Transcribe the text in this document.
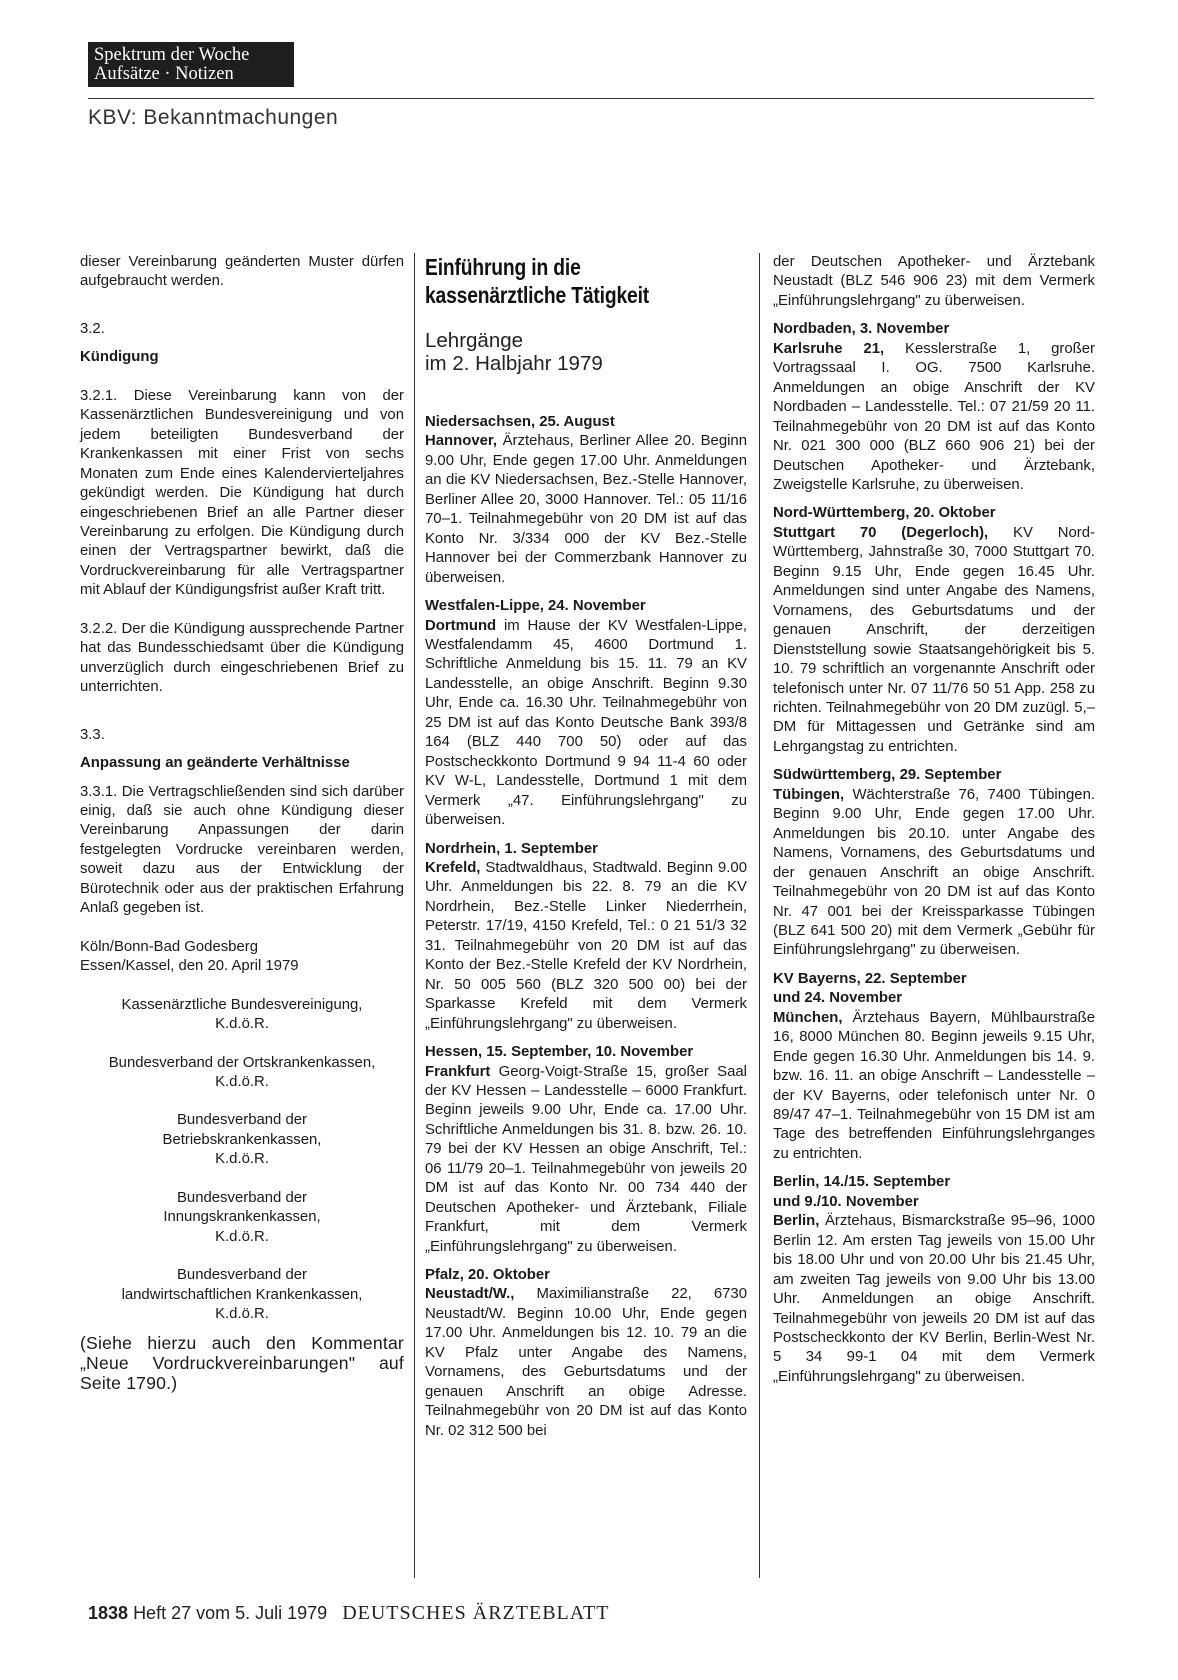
Spektrum der Woche
Aufsätze · Notizen
KBV: Bekanntmachungen

dieser Vereinbarung geänderten Muster dürfen aufgebraucht werden.

3.2.

Kündigung

3.2.1. Diese Vereinbarung kann von der Kassenärztlichen Bundesvereinigung und von jedem beteiligten Bundesverband der Krankenkassen mit einer Frist von sechs Monaten zum Ende eines Kalendervierteljahres gekündigt werden. Die Kündigung hat durch eingeschriebenen Brief an alle Partner dieser Vereinbarung zu erfolgen. Die Kündigung durch einen der Vertragspartner bewirkt, daß die Vordruckvereinbarung für alle Vertragspartner mit Ablauf der Kündigungsfrist außer Kraft tritt.

3.2.2. Der die Kündigung aussprechende Partner hat das Bundesschiedsamt über die Kündigung unverzüglich durch eingeschriebenen Brief zu unterrichten.

3.3.

Anpassung an geänderte Verhältnisse

3.3.1. Die Vertragschließenden sind sich darüber einig, daß sie auch ohne Kündigung dieser Vereinbarung Anpassungen der darin festgelegten Vordrucke vereinbaren werden, soweit dazu aus der Entwicklung der Bürotechnik oder aus der praktischen Erfahrung Anlaß gegeben ist.

Köln/Bonn-Bad Godesberg

Essen/Kassel, den 20. April 1979

Kassenärztliche Bundesvereinigung,

K.d.ö.R.

Bundesverband der Ortskrankenkassen,

K.d.ö.R.

Bundesverband der

Betriebskrankenkassen,

K.d.ö.R.

Bundesverband der

Innungskrankenkassen,

K.d.ö.R.

Bundesverband der

landwirtschaftlichen Krankenkassen,

K.d.ö.R.

(Siehe hierzu auch den Kommentar „Neue Vordruckvereinbarungen" auf Seite 1790.)

Einführung in die
kassenärztliche Tätigkeit
Lehrgänge
im 2. Halbjahr 1979

Niedersachsen, 25. August

Hannover, Ärztehaus, Berliner Allee 20. Beginn 9.00 Uhr, Ende gegen 17.00 Uhr. Anmeldungen an die KV Niedersachsen, Bez.-Stelle Hannover, Berliner Allee 20, 3000 Hannover. Tel.: 05 11/16 70–1. Teilnahmegebühr von 20 DM ist auf das Konto Nr. 3/334 000 der KV Bez.-Stelle Hannover bei der Commerzbank Hannover zu überweisen.

Westfalen-Lippe, 24. November

Dortmund im Hause der KV Westfalen-Lippe, Westfalendamm 45, 4600 Dortmund 1. Schriftliche Anmeldung bis 15. 11. 79 an KV Landesstelle, an obige Anschrift. Beginn 9.30 Uhr, Ende ca. 16.30 Uhr. Teilnahmegebühr von 25 DM ist auf das Konto Deutsche Bank 393/8 164 (BLZ 440 700 50) oder auf das Postscheckkonto Dortmund 9 94 11-4 60 oder KV W-L, Landesstelle, Dortmund 1 mit dem Vermerk „47. Einführungslehrgang" zu überweisen.

Nordrhein, 1. September

Krefeld, Stadtwaldhaus, Stadtwald. Beginn 9.00 Uhr. Anmeldungen bis 22. 8. 79 an die KV Nordrhein, Bez.-Stelle Linker Niederrhein, Peterstr. 17/19, 4150 Krefeld, Tel.: 0 21 51/3 32 31. Teilnahmegebühr von 20 DM ist auf das Konto der Bez.-Stelle Krefeld der KV Nordrhein, Nr. 50 005 560 (BLZ 320 500 00) bei der Sparkasse Krefeld mit dem Vermerk „Einführungslehrgang" zu überweisen.

Hessen, 15. September, 10. November

Frankfurt Georg-Voigt-Straße 15, großer Saal der KV Hessen – Landesstelle – 6000 Frankfurt. Beginn jeweils 9.00 Uhr, Ende ca. 17.00 Uhr. Schriftliche Anmeldungen bis 31. 8. bzw. 26. 10. 79 bei der KV Hessen an obige Anschrift, Tel.: 06 11/79 20–1. Teilnahmegebühr von jeweils 20 DM ist auf das Konto Nr. 00 734 440 der Deutschen Apotheker- und Ärztebank, Filiale Frankfurt, mit dem Vermerk „Einführungslehrgang" zu überweisen.

Pfalz, 20. Oktober

Neustadt/W., Maximilianstraße 22, 6730 Neustadt/W. Beginn 10.00 Uhr, Ende gegen 17.00 Uhr. Anmeldungen bis 12. 10. 79 an die KV Pfalz unter Angabe des Namens, Vornamens, des Geburtsdatums und der genauen Anschrift an obige Adresse. Teilnahmegebühr von 20 DM ist auf das Konto Nr. 02 312 500 bei

der Deutschen Apotheker- und Ärztebank Neustadt (BLZ 546 906 23) mit dem Vermerk „Einführungslehrgang" zu überweisen.

Nordbaden, 3. November

Karlsruhe 21, Kesslerstraße 1, großer Vortragssaal I. OG. 7500 Karlsruhe. Anmeldungen an obige Anschrift der KV Nordbaden – Landesstelle. Tel.: 07 21/59 20 11. Teilnahmegebühr von 20 DM ist auf das Konto Nr. 021 300 000 (BLZ 660 906 21) bei der Deutschen Apotheker- und Ärztebank, Zweigstelle Karlsruhe, zu überweisen.

Nord-Württemberg, 20. Oktober

Stuttgart 70 (Degerloch), KV Nord-Württemberg, Jahnstraße 30, 7000 Stuttgart 70. Beginn 9.15 Uhr, Ende gegen 16.45 Uhr. Anmeldungen sind unter Angabe des Namens, Vornamens, des Geburtsdatums und der genauen Anschrift, der derzeitigen Dienststellung sowie Staatsangehörigkeit bis 5. 10. 79 schriftlich an vorgenannte Anschrift oder telefonisch unter Nr. 07 11/76 50 51 App. 258 zu richten. Teilnahmegebühr von 20 DM zuzügl. 5,– DM für Mittagessen und Getränke sind am Lehrgangstag zu entrichten.

Südwürttemberg, 29. September

Tübingen, Wächterstraße 76, 7400 Tübingen. Beginn 9.00 Uhr, Ende gegen 17.00 Uhr. Anmeldungen bis 20.10. unter Angabe des Namens, Vornamens, des Geburtsdatums und der genauen Anschrift an obige Anschrift. Teilnahmegebühr von 20 DM ist auf das Konto Nr. 47 001 bei der Kreissparkasse Tübingen (BLZ 641 500 20) mit dem Vermerk „Gebühr für Einführungslehrgang" zu überweisen.

KV Bayerns, 22. September

und 24. November

München, Ärztehaus Bayern, Mühlbaurstraße 16, 8000 München 80. Beginn jeweils 9.15 Uhr, Ende gegen 16.30 Uhr. Anmeldungen bis 14. 9. bzw. 16. 11. an obige Anschrift – Landesstelle – der KV Bayerns, oder telefonisch unter Nr. 0 89/47 47–1. Teilnahmegebühr von 15 DM ist am Tage des betreffenden Einführungslehrganges zu entrichten.

Berlin, 14./15. September

und 9./10. November

Berlin, Ärztehaus, Bismarckstraße 95–96, 1000 Berlin 12. Am ersten Tag jeweils von 15.00 Uhr bis 18.00 Uhr und von 20.00 Uhr bis 21.45 Uhr, am zweiten Tag jeweils von 9.00 Uhr bis 13.00 Uhr. Anmeldungen an obige Anschrift. Teilnahmegebühr von jeweils 20 DM ist auf das Postscheckkonto der KV Berlin, Berlin-West Nr. 5 34 99-1 04 mit dem Vermerk „Einführungslehrgang" zu überweisen.

1838 Heft 27 vom 5. Juli 1979 DEUTSCHES ÄRZTEBLATT
